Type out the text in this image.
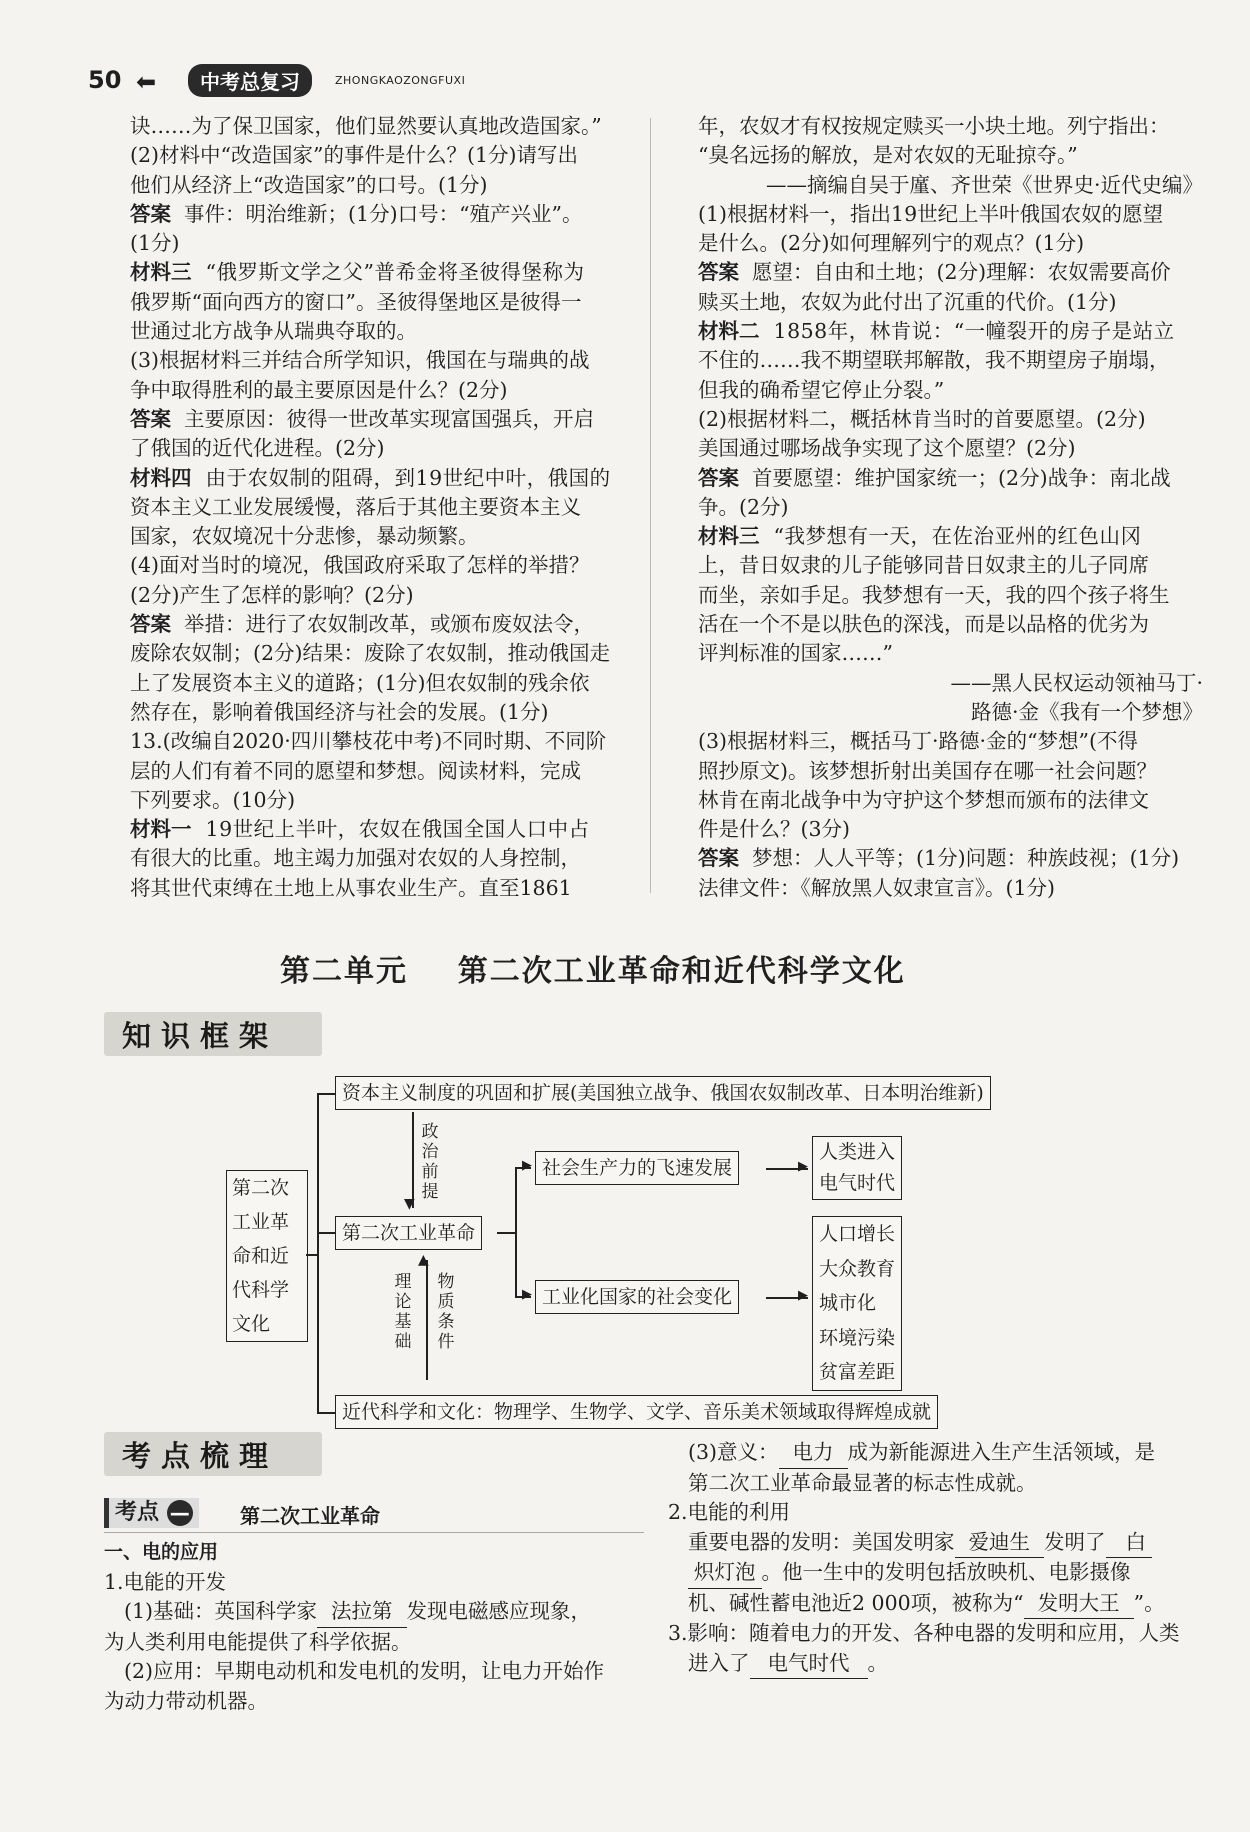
50 ⬅	中考总复习	ZHONGKAOZONGFUXI

诀……为了保卫国家，他们显然要认真地改造国家。”

(2)材料中“改造国家”的事件是什么？(1分)请写出

他们从经济上“改造国家”的口号。(1分)

答案  事件：明治维新；(1分)口号：“殖产兴业”。

(1分)

材料三  “俄罗斯文学之父”普希金将圣彼得堡称为

俄罗斯“面向西方的窗口”。圣彼得堡地区是彼得一

世通过北方战争从瑞典夺取的。

(3)根据材料三并结合所学知识，俄国在与瑞典的战

争中取得胜利的最主要原因是什么？(2分)

答案  主要原因：彼得一世改革实现富国强兵，开启

了俄国的近代化进程。(2分)

材料四  由于农奴制的阻碍，到19世纪中叶，俄国的

资本主义工业发展缓慢，落后于其他主要资本主义

国家，农奴境况十分悲惨，暴动频繁。

(4)面对当时的境况，俄国政府采取了怎样的举措？

(2分)产生了怎样的影响？(2分)

答案  举措：进行了农奴制改革，或颁布废奴法令，

废除农奴制；(2分)结果：废除了农奴制，推动俄国走

上了发展资本主义的道路；(1分)但农奴制的残余依

然存在，影响着俄国经济与社会的发展。(1分)

13.(改编自2020·四川攀枝花中考)不同时期、不同阶

层的人们有着不同的愿望和梦想。阅读材料，完成

下列要求。(10分)

材料一  19世纪上半叶，农奴在俄国全国人口中占

有很大的比重。地主竭力加强对农奴的人身控制，

将其世代束缚在土地上从事农业生产。直至1861

年，农奴才有权按规定赎买一小块土地。列宁指出：

“臭名远扬的解放，是对农奴的无耻掠夺。”

——摘编自吴于廑、齐世荣《世界史·近代史编》

(1)根据材料一，指出19世纪上半叶俄国农奴的愿望

是什么。(2分)如何理解列宁的观点？(1分)

答案  愿望：自由和土地；(2分)理解：农奴需要高价

赎买土地，农奴为此付出了沉重的代价。(1分)

材料二  1858年，林肯说：“一幢裂开的房子是站立

不住的……我不期望联邦解散，我不期望房子崩塌，

但我的确希望它停止分裂。”

(2)根据材料二，概括林肯当时的首要愿望。(2分)

美国通过哪场战争实现了这个愿望？(2分)

答案  首要愿望：维护国家统一；(2分)战争：南北战

争。(2分)

材料三  “我梦想有一天，在佐治亚州的红色山冈

上，昔日奴隶的儿子能够同昔日奴隶主的儿子同席

而坐，亲如手足。我梦想有一天，我的四个孩子将生

活在一个不是以肤色的深浅，而是以品格的优劣为

评判标准的国家……”

——黑人民权运动领袖马丁·

路德·金《我有一个梦想》

(3)根据材料三，概括马丁·路德·金的“梦想”(不得

照抄原文)。该梦想折射出美国存在哪一社会问题？

林肯在南北战争中为守护这个梦想而颁布的法律文

件是什么？(3分)

答案  梦想：人人平等；(1分)问题：种族歧视；(1分)

法律文件：《解放黑人奴隶宣言》。(1分)

第二单元    第二次工业革命和近代科学文化
知识框架
第二次
工业革
命和近
代科学
文化
资本主义制度的巩固和扩展(美国独立战争、俄国农奴制改革、日本明治维新)
第二次工业革命
近代科学和文化：物理学、生物学、文学、音乐美术领域取得辉煌成就
▼
政治前提
▲
理论基础
物质条件
▶
▶
社会生产力的飞速发展
工业化国家的社会变化
▶
▶
人类进入
电气时代
人口增长
大众教育
城市化
环境污染
贫富差距
考点梳理
考点 —	第二次工业革命

一、电的应用

1.电能的开发

(1)基础：英国科学家 法拉第 发现电磁感应现象，

为人类利用电能提供了科学依据。

(2)应用：早期电动机和发电机的发明，让电力开始作

为动力带动机器。

(3)意义： 电力 成为新能源进入生产生活领域，是

第二次工业革命最显著的标志性成就。

2.电能的利用

重要电器的发明：美国发明家 爱迪生 发明了 白

炽灯泡 。他一生中的发明包括放映机、电影摄像

机、碱性蓄电池近2 000项，被称为“ 发明大王 ”。

3.影响：随着电力的开发、各种电器的发明和应用，人类

进入了 电气时代 。
